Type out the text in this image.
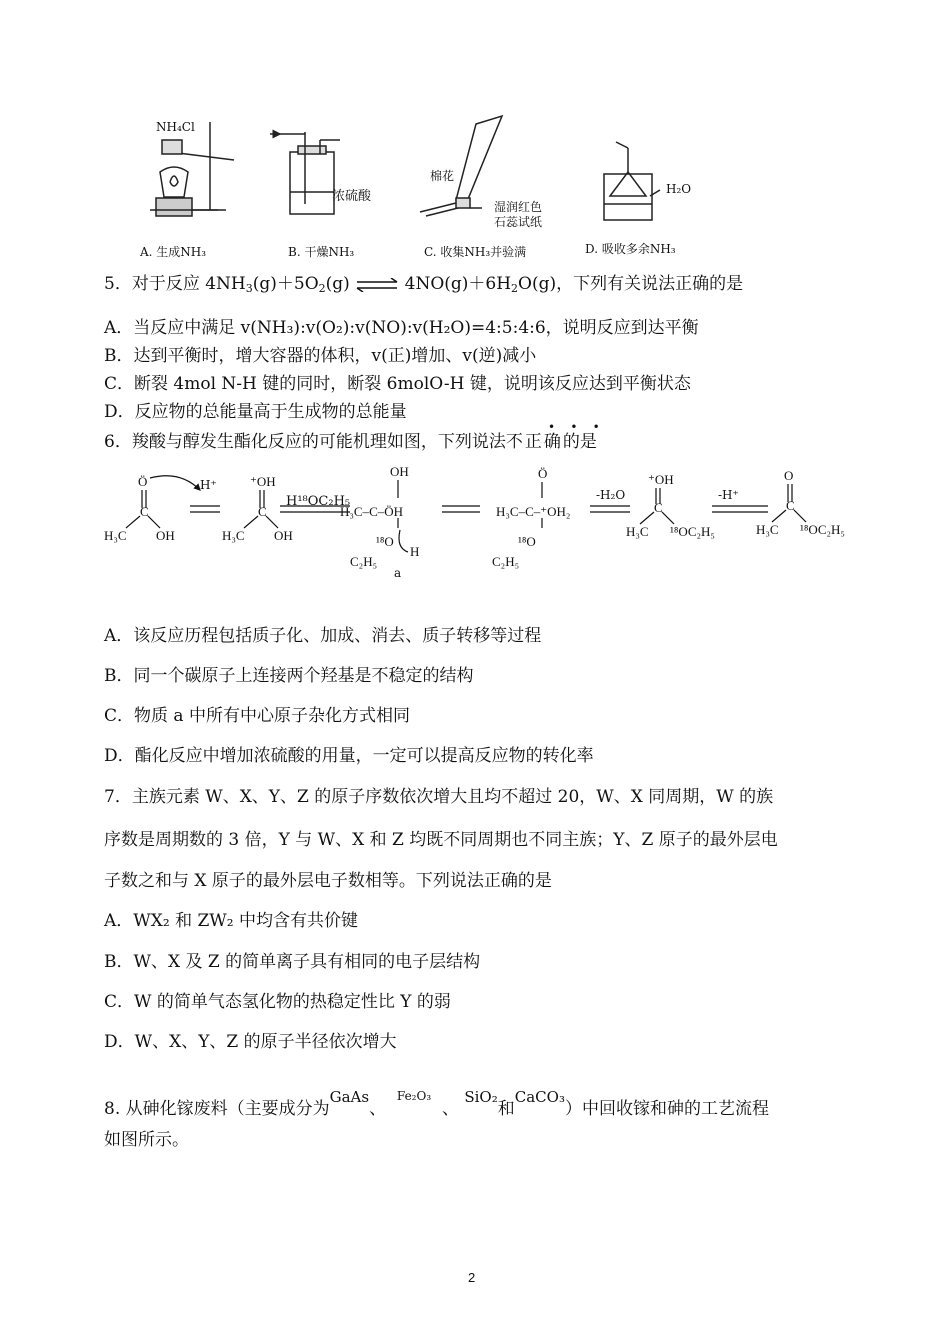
NH₄Cl
浓硫酸
棉花
湿润红色
石蕊试纸
H₂O
A. 生成NH₃	B. 干燥NH₃	C. 收集NH₃并验满	D. 吸收多余NH₃
5．对于反应 $4NH_3(g)+5O_2(g)$ ⇌ $4NO(g)+6H_2O(g)$，下列有关说法正确的是
A．当反应中满足 v(NH₃):v(O₂):v(NO):v(H₂O)=4:5:4:6，说明反应到达平衡
B．达到平衡时，增大容器的体积，v(正)增加、v(逆)减小
C．断裂 4mol N-H 键的同时，断裂 6molO-H 键，说明该反应达到平衡状态
D．反应物的总能量高于生成物的总能量
6．羧酸与醇发生酯化反应的可能机理如图，下列说法不正确的是
•    •    •
Ö
C
H₃C OH
⁺OH
C
H₃C OH
H₃C–C–ÖH
OH
¹⁸O
H
C₂H₅
Ö
H₃C–C–⁺OH₂
¹⁸O
C₂H₅
⁺OH
C
H₃C ¹⁸OC₂H₅
O
C
H₃C ¹⁸OC₂H₅
H⁺
H¹⁸OC₂H₅	-H₂O	-H⁺
a
A．该反应历程包括质子化、加成、消去、质子转移等过程
B．同一个碳原子上连接两个羟基是不稳定的结构
C．物质 a 中所有中心原子杂化方式相同
D．酯化反应中增加浓硫酸的用量，一定可以提高反应物的转化率
7．主族元素 W、X、Y、Z 的原子序数依次增大且均不超过 20，W、X 同周期，W 的族
序数是周期数的 3 倍，Y 与 W、X 和 Z 均既不同周期也不同主族；Y、Z 原子的最外层电
子数之和与 X 原子的最外层电子数相等。下列说法正确的是
A．WX₂ 和 ZW₂ 中均含有共价键
B．W、X 及 Z 的简单离子具有相同的电子层结构
C．W 的简单气态氢化物的热稳定性比 Y 的弱
D．W、X、Y、Z 的原子半径依次增大
8. 从砷化镓废料（主要成分为GaAs、  $^{Fe_2O_3}$  、 SiO₂和CaCO₃）中回收镓和砷的工艺流程
如图所示。
2
